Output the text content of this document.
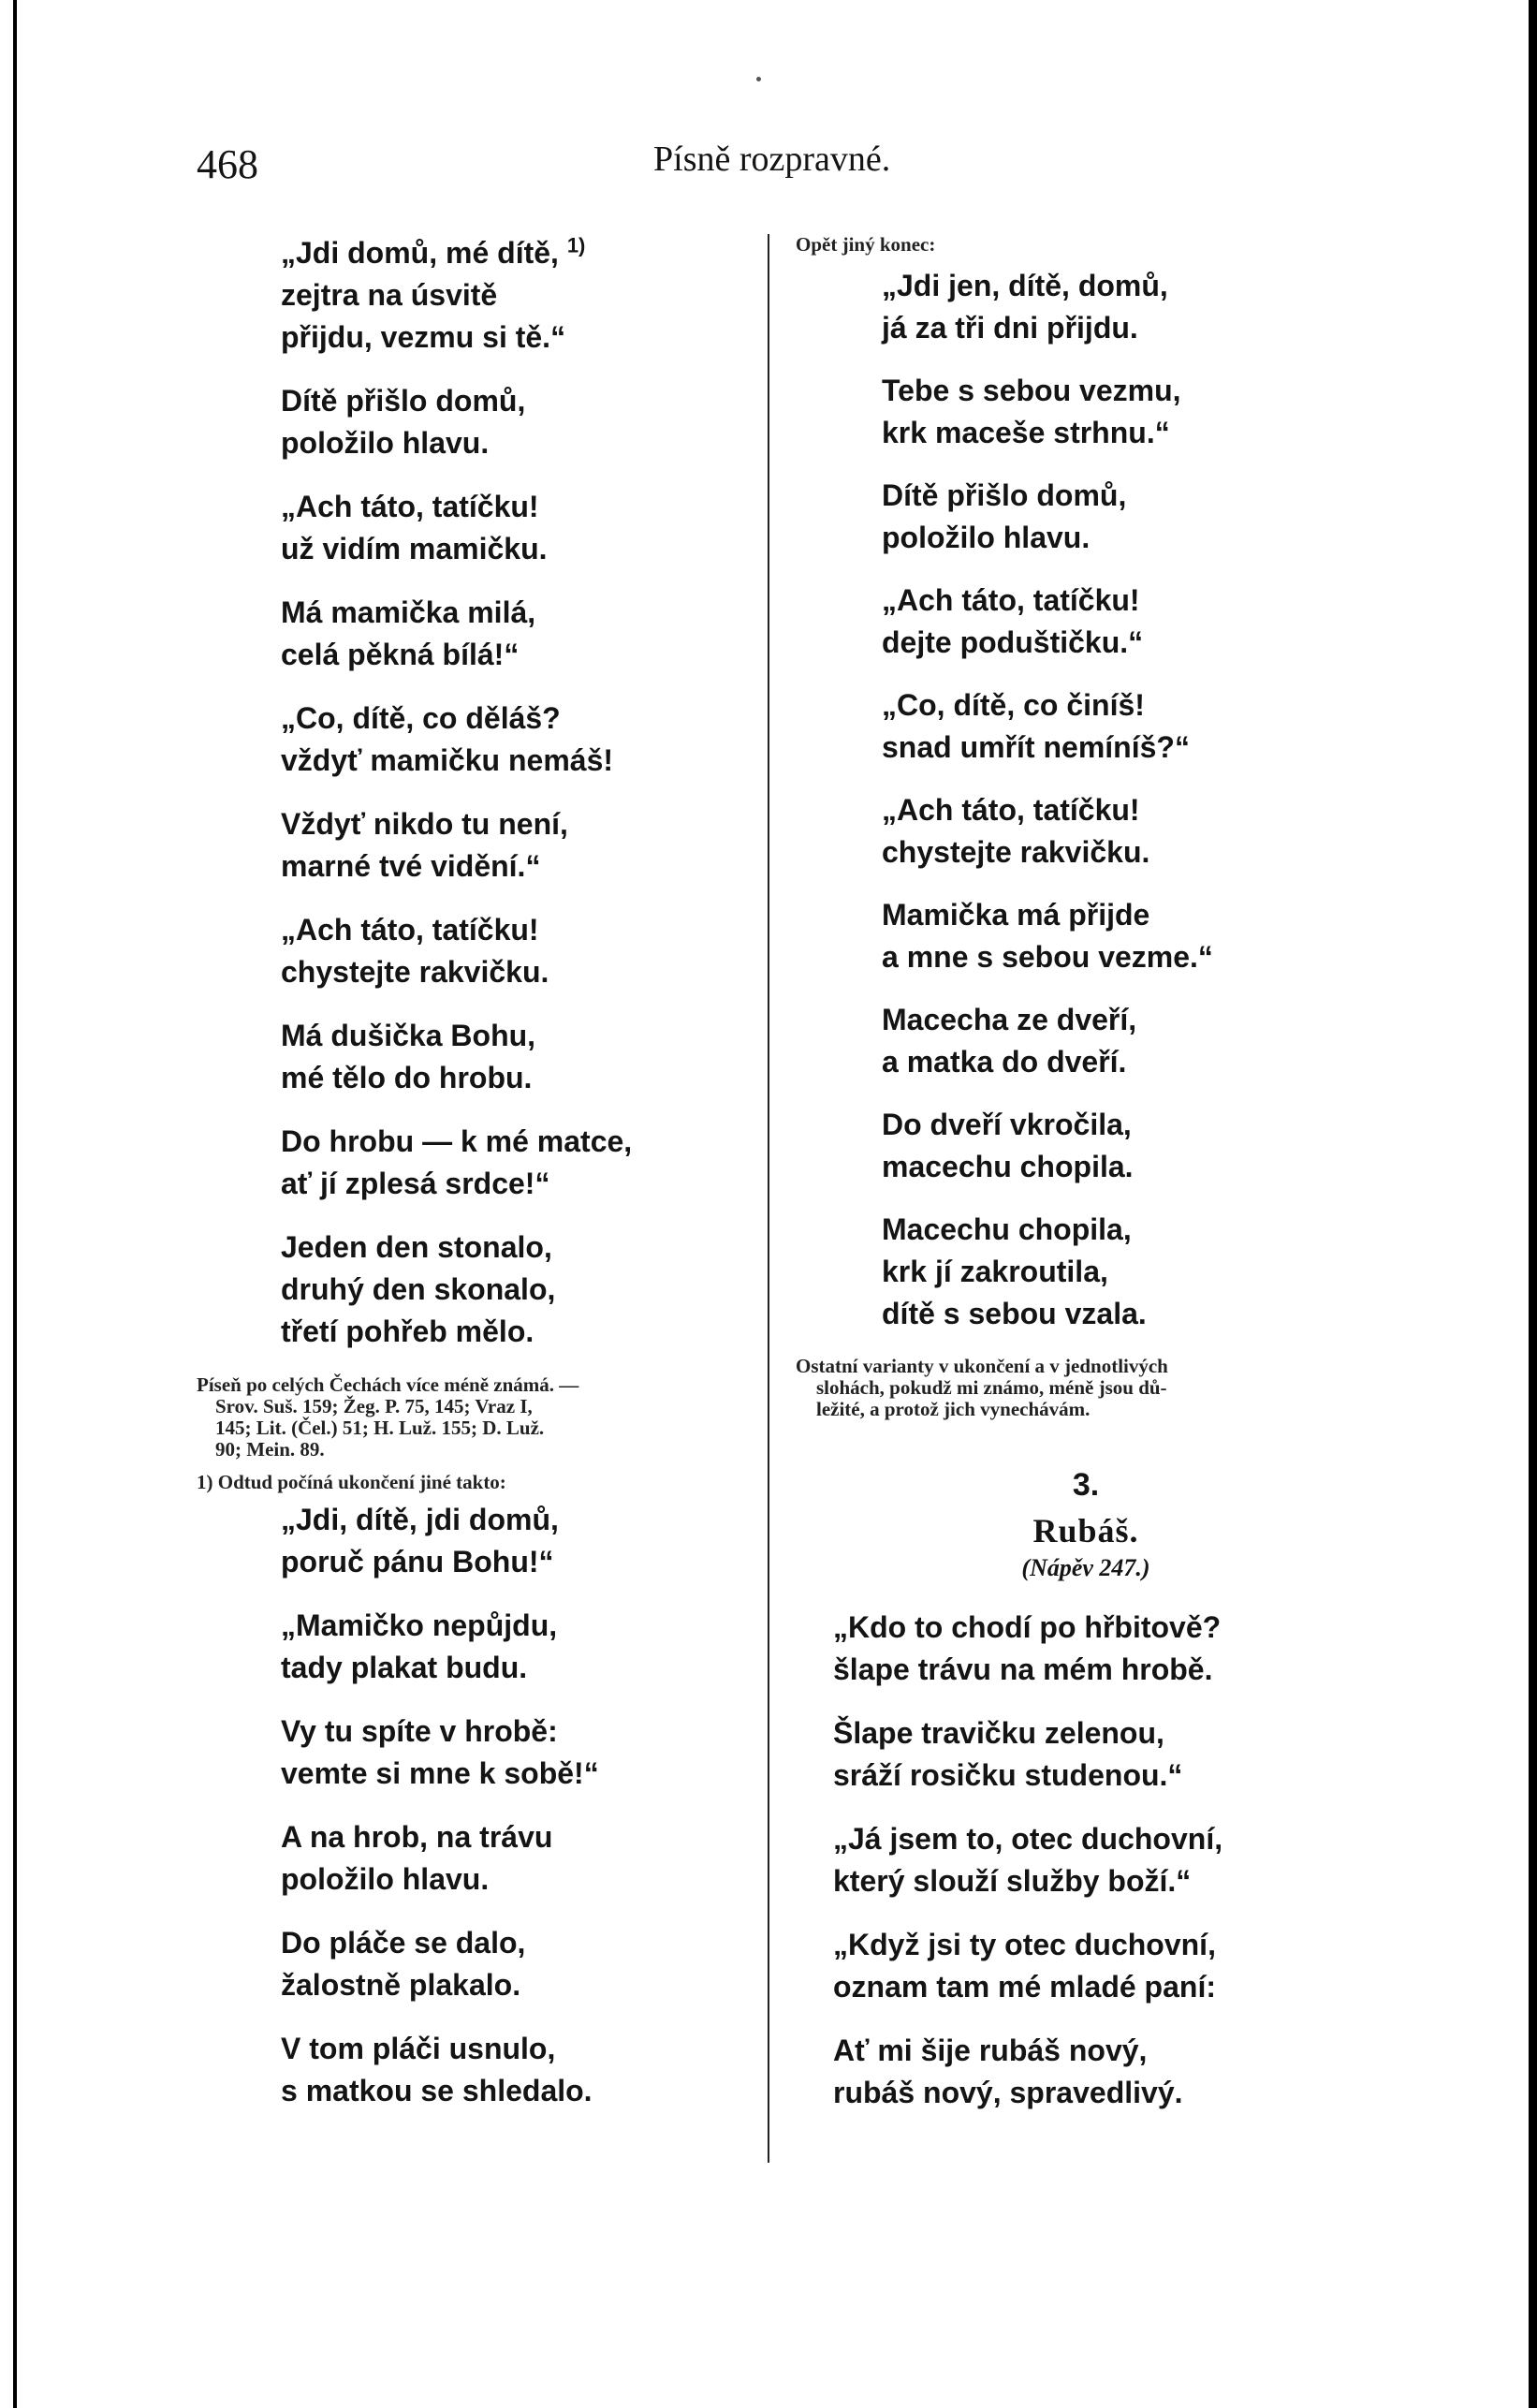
468	Písně rozpravné.
„Jdi domů, mé dítě, $^{1)}$
zejtra na úsvitě
přijdu, vezmu si tě.“
Dítě přišlo domů,
položilo hlavu.
„Ach táto, tatíčku!
už vidím mamičku.
Má mamička milá,
celá pěkná bílá!“
„Co, dítě, co děláš?
vždyť mamičku nemáš!
Vždyť nikdo tu není,
marné tvé vidění.“
„Ach táto, tatíčku!
chystejte rakvičku.
Má dušička Bohu,
mé tělo do hrobu.
Do hrobu — k mé matce,
ať jí zplesá srdce!“
Jeden den stonalo,
druhý den skonalo,
třetí pohřeb mělo.
Píseň po celých Čechách více méně známá. —
Srov. Suš. 159; Žeg. P. 75, 145; Vraz I,
145; Lit. (Čel.) 51; H. Luž. 155; D. Luž.
90; Mein. 89.
1) Odtud počíná ukončení jiné takto:
„Jdi, dítě, jdi domů,
poruč pánu Bohu!“
„Mamičko nepůjdu,
tady plakat budu.
Vy tu spíte v hrobě:
vemte si mne k sobě!“
A na hrob, na trávu
položilo hlavu.
Do pláče se dalo,
žalostně plakalo.
V tom pláči usnulo,
s matkou se shledalo.
Opět jiný konec:
„Jdi jen, dítě, domů,
já za tři dni přijdu.
Tebe s sebou vezmu,
krk maceše strhnu.“
Dítě přišlo domů,
položilo hlavu.
„Ach táto, tatíčku!
dejte poduštičku.“
„Co, dítě, co činíš!
snad umřít nemíníš?“
„Ach táto, tatíčku!
chystejte rakvičku.
Mamička má přijde
a mne s sebou vezme.“
Macecha ze dveří,
a matka do dveří.
Do dveří vkročila,
macechu chopila.
Macechu chopila,
krk jí zakroutila,
dítě s sebou vzala.
Ostatní varianty v ukončení a v jednotlivých
slohách, pokudž mi známo, méně jsou dů-
ležité, a protož jich vynechávám.
3.
Rubáš.
(Nápěv 247.)
„Kdo to chodí po hřbitově?
šlape trávu na mém hrobě.
Šlape travičku zelenou,
sráží rosičku studenou.“
„Já jsem to, otec duchovní,
který slouží služby boží.“
„Když jsi ty otec duchovní,
oznam tam mé mladé paní:
Ať mi šije rubáš nový,
rubáš nový, spravedlivý.
